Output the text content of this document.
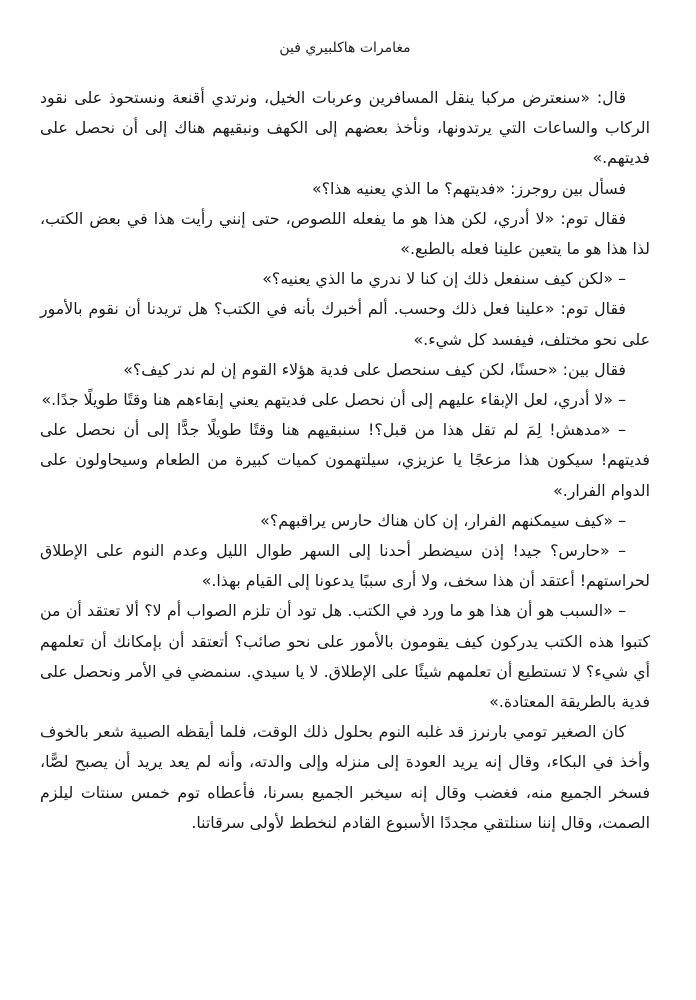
مغامرات هاكلبيري فين

قال: «سنعترض مركبا ينقل المسافرين وعربات الخيل، ونرتدي أقنعة ونستحوذ على نقود الركاب والساعات التي يرتدونها، ونأخذ بعضهم إلى الكهف ونبقيهم هناك إلى أن نحصل على فديتهم.»

فسأل بين روجرز: «فديتهم؟ ما الذي يعنيه هذا؟»

فقال توم: «لا أدري، لكن هذا هو ما يفعله اللصوص، حتى إنني رأيت هذا في بعض الكتب، لذا هذا هو ما يتعين علينا فعله بالطبع.»

– «لكن كيف سنفعل ذلك إن كنا لا ندري ما الذي يعنيه؟»

فقال توم: «علينا فعل ذلك وحسب. ألم أخبرك بأنه في الكتب؟ هل تريدنا أن نقوم بالأمور على نحو مختلف، فيفسد كل شيء.»

فقال بين: «حسنًا، لكن كيف سنحصل على فدية هؤلاء القوم إن لم ندر كيف؟»

– «لا أدري، لعل الإبقاء عليهم إلى أن نحصل على فديتهم يعني إبقاءهم هنا وقتًا طويلًا جدًا.»

– «مدهش! لِمَ لم تقل هذا من قبل؟! سنبقيهم هنا وقتًا طويلًا جدًّا إلى أن نحصل على فديتهم! سيكون هذا مزعجًا يا عزيزي، سيلتهمون كميات كبيرة من الطعام وسيحاولون على الدوام الفرار.»

– «كيف سيمكنهم الفرار، إن كان هناك حارس يراقبهم؟»

– «حارس؟ جيد! إذن سيضطر أحدنا إلى السهر طوال الليل وعدم النوم على الإطلاق لحراستهم! أعتقد أن هذا سخف، ولا أرى سببًا يدعونا إلى القيام بهذا.»

– «السبب هو أن هذا هو ما ورد في الكتب. هل تود أن تلزم الصواب أم لا؟ ألا تعتقد أن من كتبوا هذه الكتب يدركون كيف يقومون بالأمور على نحو صائب؟ أتعتقد أن بإمكانك أن تعلمهم أي شيء؟ لا تستطيع أن تعلمهم شيئًا على الإطلاق. لا يا سيدي. سنمضي في الأمر ونحصل على فدية بالطريقة المعتادة.»

كان الصغير تومي بارنرز قد غلبه النوم بحلول ذلك الوقت، فلما أيقظه الصبية شعر بالخوف وأخذ في البكاء، وقال إنه يريد العودة إلى منزله وإلى والدته، وأنه لم يعد يريد أن يصبح لصًّا، فسخر الجميع منه، فغضب وقال إنه سيخبر الجميع بسرنا، فأعطاه توم خمس سنتات ليلزم الصمت، وقال إننا سنلتقي مجددًا الأسبوع القادم لنخطط لأولى سرقاتنا.
